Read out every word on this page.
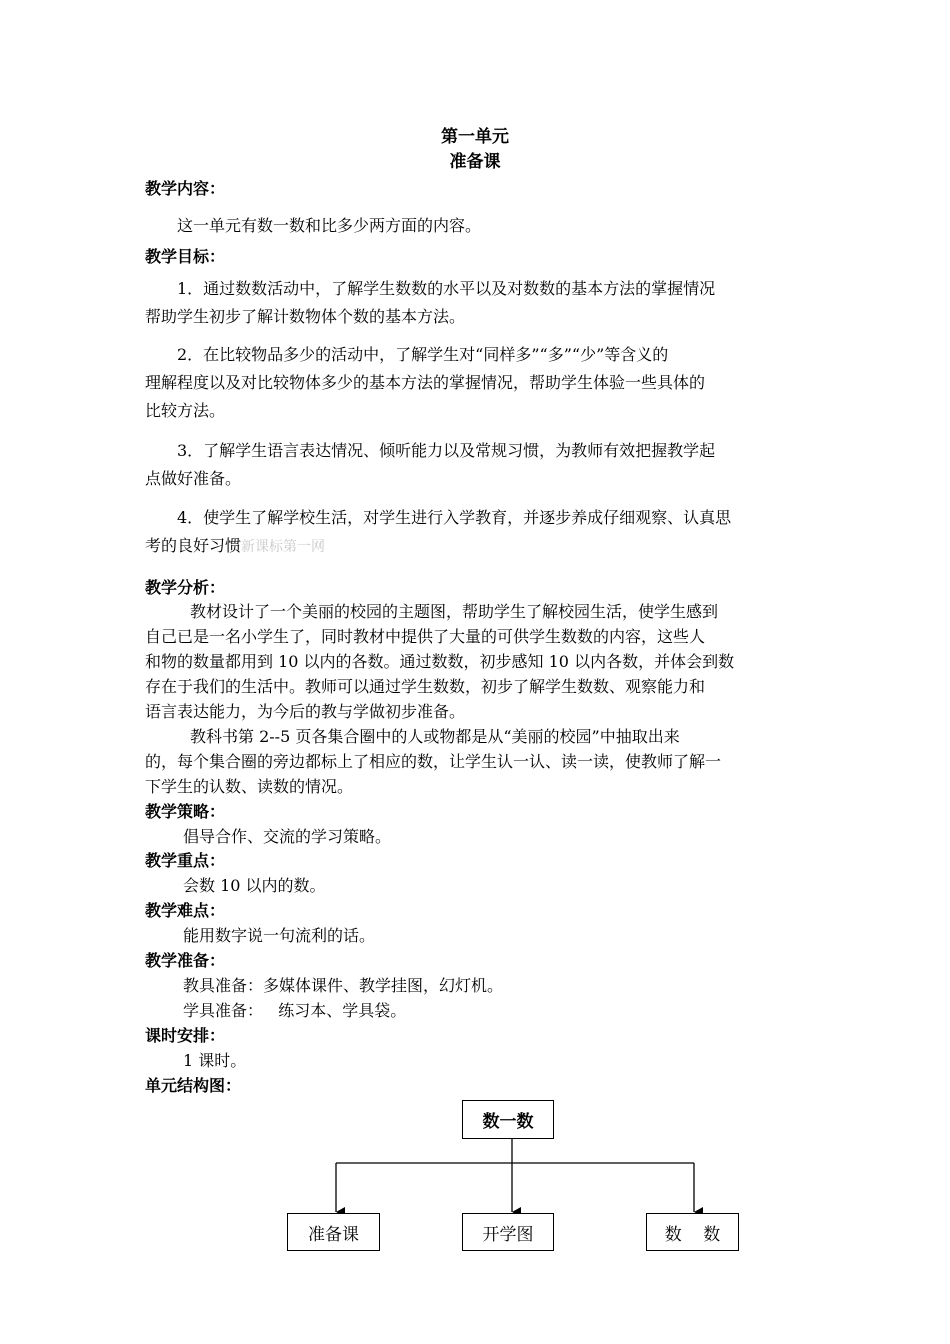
第一单元
准备课
教学内容：
这一单元有数一数和比多少两方面的内容。
教学目标：
1．通过数数活动中，了解学生数数的水平以及对数数的基本方法的掌握情况
帮助学生初步了解计数物体个数的基本方法。
2．在比较物品多少的活动中，了解学生对“同样多”“多”“少”等含义的
理解程度以及对比较物体多少的基本方法的掌握情况，帮助学生体验一些具体的
比较方法。
3．了解学生语言表达情况、倾听能力以及常规习惯，为教师有效把握教学起
点做好准备。
4．使学生了解学校生活，对学生进行入学教育，并逐步养成仔细观察、认真思
考的良好习惯新课标第一网
教学分析：
教材设计了一个美丽的校园的主题图，帮助学生了解校园生活，使学生感到
自己已是一名小学生了，同时教材中提供了大量的可供学生数数的内容，这些人
和物的数量都用到 10 以内的各数。通过数数，初步感知 10 以内各数，并体会到数
存在于我们的生活中。教师可以通过学生数数，初步了解学生数数、观察能力和
语言表达能力，为今后的教与学做初步准备。
教科书第 2--5 页各集合圈中的人或物都是从“美丽的校园”中抽取出来
的，每个集合圈的旁边都标上了相应的数，让学生认一认、读一读，使教师了解一
下学生的认数、读数的情况。
教学策略：
倡导合作、交流的学习策略。
教学重点：
会数 10 以内的数。
教学难点：
能用数字说一句流利的话。
教学准备：
教具准备：多媒体课件、教学挂图，幻灯机。
学具准备：   练习本、学具袋。
课时安排：
1 课时。
单元结构图：
数一数
准备课	开学图	数    数
